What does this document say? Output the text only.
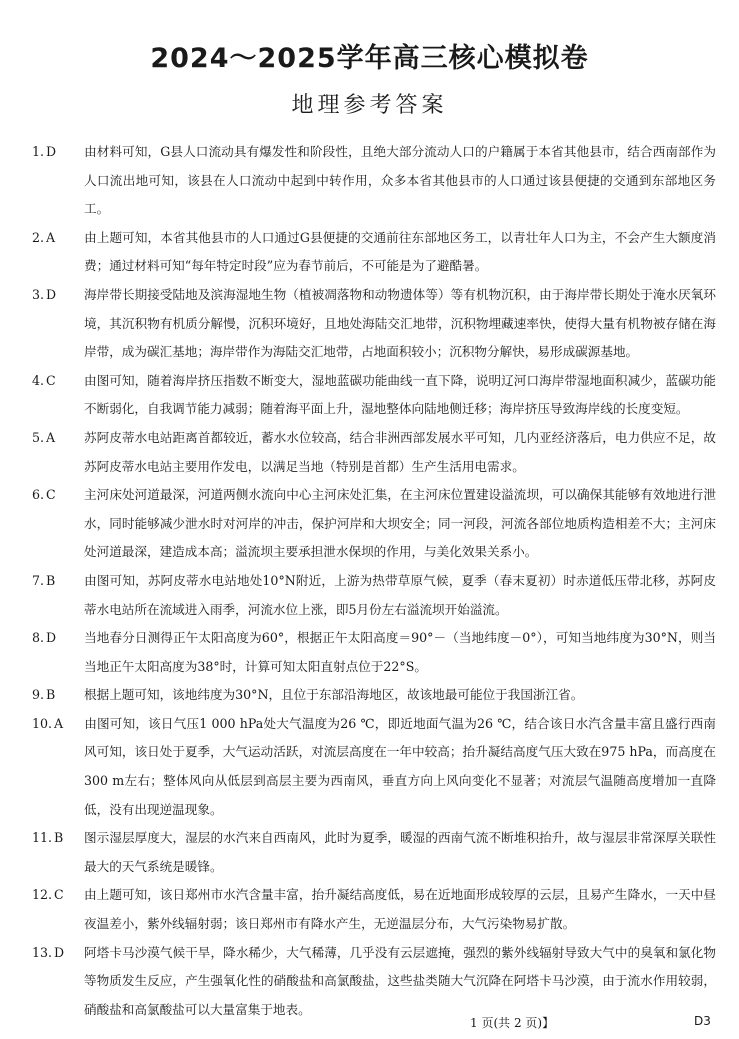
2024～2025学年高三核心模拟卷
地理参考答案
1. D 由材料可知，G县人口流动具有爆发性和阶段性，且绝大部分流动人口的户籍属于本省其他县市，结合西南部作为人口流出地可知，该县在人口流动中起到中转作用，众多本省其他县市的人口通过该县便捷的交通到东部地区务工。
2. A 由上题可知，本省其他县市的人口通过G县便捷的交通前往东部地区务工，以青壮年人口为主，不会产生大额度消费；通过材料可知“每年特定时段”应为春节前后，不可能是为了避酷暑。
3. D 海岸带长期接受陆地及滨海湿地生物（植被凋落物和动物遗体等）等有机物沉积，由于海岸带长期处于淹水厌氧环境，其沉积物有机质分解慢，沉积环境好，且地处海陆交汇地带，沉积物埋藏速率快，使得大量有机物被存储在海岸带，成为碳汇基地；海岸带作为海陆交汇地带，占地面积较小；沉积物分解快，易形成碳源基地。
4. C 由图可知，随着海岸挤压指数不断变大，湿地蓝碳功能曲线一直下降，说明辽河口海岸带湿地面积减少，蓝碳功能不断弱化，自我调节能力减弱；随着海平面上升，湿地整体向陆地侧迁移；海岸挤压导致海岸线的长度变短。
5. A 苏阿皮蒂水电站距离首都较近，蓄水水位较高，结合非洲西部发展水平可知，几内亚经济落后，电力供应不足，故苏阿皮蒂水电站主要用作发电，以满足当地（特别是首都）生产生活用电需求。
6. C 主河床处河道最深，河道两侧水流向中心主河床处汇集，在主河床位置建设溢流坝，可以确保其能够有效地进行泄水，同时能够减少泄水时对河岸的冲击，保护河岸和大坝安全；同一河段，河流各部位地质构造相差不大；主河床处河道最深，建造成本高；溢流坝主要承担泄水保坝的作用，与美化效果关系小。
7. B 由图可知，苏阿皮蒂水电站地处10°N附近，上游为热带草原气候，夏季（春末夏初）时赤道低压带北移，苏阿皮蒂水电站所在流域进入雨季，河流水位上涨，即5月份左右溢流坝开始溢流。
8. D 当地春分日测得正午太阳高度为60°，根据正午太阳高度＝90°－（当地纬度－0°），可知当地纬度为30°N，则当当地正午太阳高度为38°时，计算可知太阳直射点位于22°S。
9. B 根据上题可知，该地纬度为30°N，且位于东部沿海地区，故该地最可能位于我国浙江省。
10. A 由图可知，该日气压1 000 hPa处大气温度为26 ℃，即近地面气温为26 ℃，结合该日水汽含量丰富且盛行西南风可知，该日处于夏季，大气运动活跃，对流层高度在一年中较高；抬升凝结高度气压大致在975 hPa，而高度在300 m左右；整体风向从低层到高层主要为西南风，垂直方向上风向变化不显著；对流层气温随高度增加一直降低，没有出现逆温现象。
11. B 图示湿层厚度大，湿层的水汽来自西南风，此时为夏季，暖湿的西南气流不断堆积抬升，故与湿层非常深厚关联性最大的天气系统是暖锋。
12. C 由上题可知，该日郑州市水汽含量丰富，抬升凝结高度低，易在近地面形成较厚的云层，且易产生降水，一天中昼夜温差小，紫外线辐射弱；该日郑州市有降水产生，无逆温层分布，大气污染物易扩散。
13. D 阿塔卡马沙漠气候干旱，降水稀少，大气稀薄，几乎没有云层遮掩，强烈的紫外线辐射导致大气中的臭氧和氯化物等物质发生反应，产生强氧化性的硝酸盐和高氯酸盐，这些盐类随大气沉降在阿塔卡马沙漠，由于流水作用较弱，硝酸盐和高氯酸盐可以大量富集于地表。
1 页(共 2 页)】	D3
